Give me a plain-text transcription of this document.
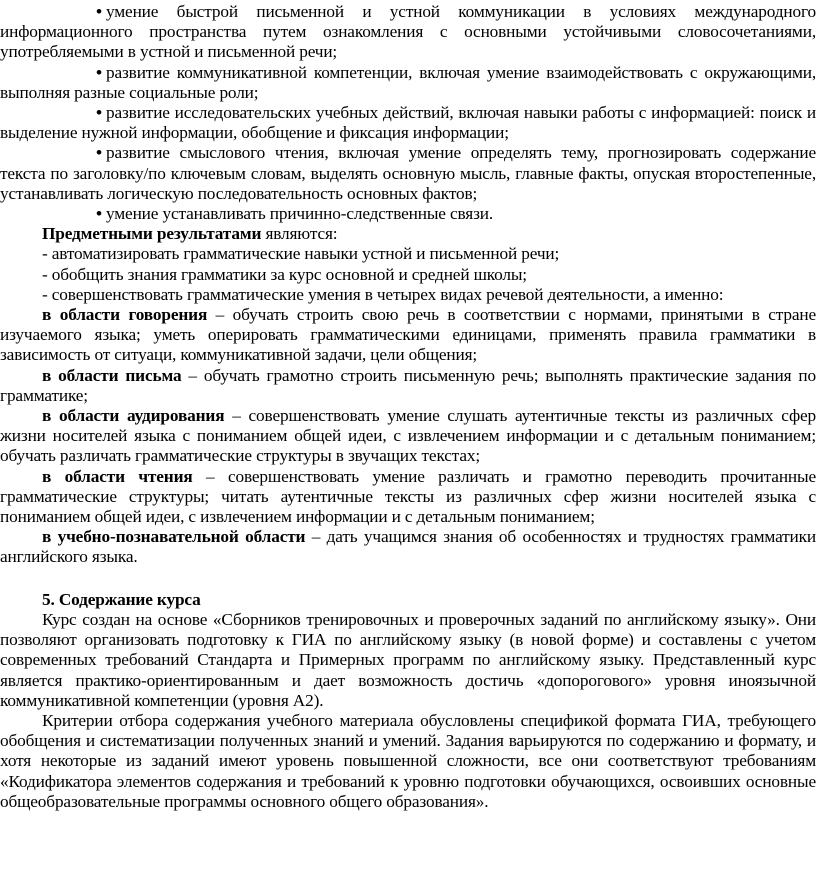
• умение быстрой письменной и устной коммуникации в условиях международного информационного пространства путем ознакомления с основными устойчивыми словосочетаниями, употребляемыми в устной и письменной речи;

• развитие коммуникативной компетенции, включая умение взаимодействовать с окружающими, выполняя разные социальные роли;

• развитие исследовательских учебных действий, включая навыки работы с информацией: поиск и выделение нужной информации, обобщение и фиксация информации;

• развитие смыслового чтения, включая умение определять тему, прогнозировать содержание текста по заголовку/по ключевым словам, выделять основную мысль, главные факты, опуская второстепенные, устанавливать логическую последовательность основных фактов;

• умение устанавливать причинно-следственные связи.

Предметными результатами являются:

- автоматизировать грамматические навыки устной и письменной речи;

- обобщить знания грамматики за курс основной и средней школы;

- совершенствовать грамматические умения в четырех видах речевой деятельности, а именно:

в области говорения – обучать строить свою речь в соответствии с нормами, принятыми в стране изучаемого языка; уметь оперировать грамматическими единицами, применять правила грамматики в зависимость от ситуаци, коммуникативной задачи, цели общения;

в области письма – обучать грамотно строить письменную речь; выполнять практические задания по грамматике;

в области аудирования – совершенствовать умение слушать аутентичные тексты из различных сфер жизни носителей языка с пониманием общей идеи, с извлечением информации и с детальным пониманием; обучать различать грамматические структуры в звучащих текстах;

в области чтения – совершенствовать умение различать и грамотно переводить прочитанные грамматические структуры; читать аутентичные тексты из различных сфер жизни носителей языка с пониманием общей идеи, с извлечением информации и с детальным пониманием;

в учебно-познавательной области – дать учащимся знания об особенностях и трудностях грамматики английского языка.

5. Содержание курса

Курс создан на основе «Сборников тренировочных и проверочных заданий по английскому языку». Они позволяют организовать подготовку к ГИА по английскому языку (в новой форме) и составлены с учетом современных требований Стандарта и Примерных программ по английскому языку. Представленный курс является практико-ориентированным и дает возможность достичь «допорогового» уровня иноязычной коммуникативной компетенции (уровня А2).

Критерии отбора содержания учебного материала обусловлены спецификой формата ГИА, требующего обобщения и систематизации полученных знаний и умений. Задания варьируются по содержанию и формату, и хотя некоторые из заданий имеют уровень повышенной сложности, все они соответствуют требованиям «Кодификатора элементов содержания и требований к уровню подготовки обучающихся, освоивших основные общеобразовательные программы основного общего образования».
